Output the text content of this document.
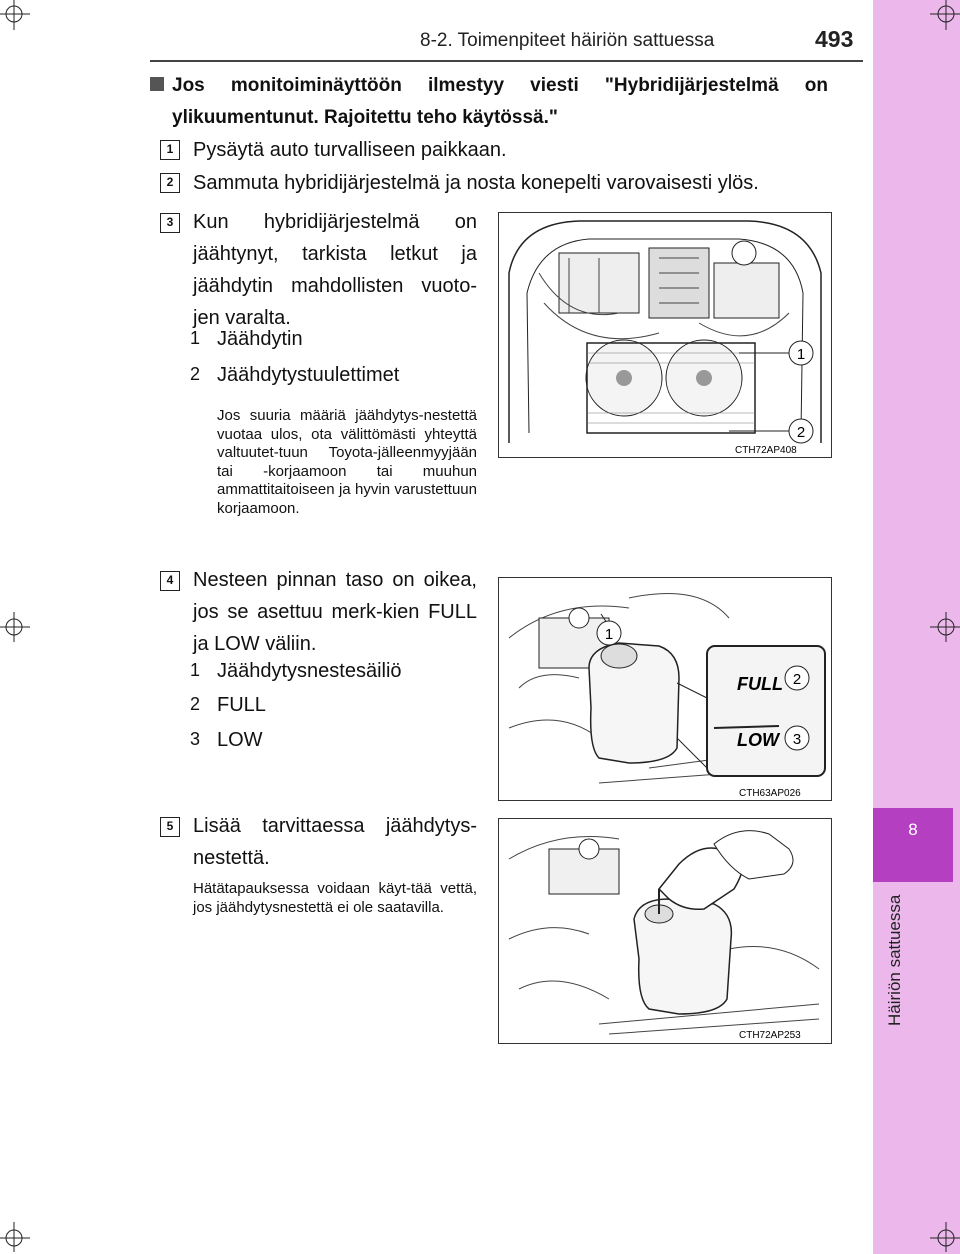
8
Häiriön sattuessa
8-2. Toimenpiteet häiriön sattuessa	493
Jos monitoiminäyttöön ilmestyy viesti "Hybridijärjestelmä on ylikuumentunut. Rajoitettu teho käytössä."
1 Pysäytä auto turvalliseen paikkaan.
2 Sammuta hybridijärjestelmä ja nosta konepelti varovaisesti ylös.
3 Kun hybridijärjestelmä on jäähtynyt, tarkista letkut ja jäähdytin mahdollisten vuoto-jen varalta.
1 Jäähdytin
2 Jäähdytystuulettimet
Jos suuria määriä jäähdytys-nestettä vuotaa ulos, ota välittömästi yhteyttä valtuutet-tuun Toyota-jälleenmyyjään tai -korjaamoon tai muuhun ammattitaitoiseen ja hyvin varustettuun korjaamoon.
1
2
CTH72AP408
4 Nesteen pinnan taso on oikea, jos se asettuu merk-kien FULL ja LOW väliin.
1 Jäähdytysnestesäiliö
2 FULL
3 LOW
1
FULL
LOW
2
3
CTH63AP026
5 Lisää tarvittaessa jäähdytys-nestettä.
Hätätapauksessa voidaan käyt-tää vettä, jos jäähdytysnestettä ei ole saatavilla.
CTH72AP253
